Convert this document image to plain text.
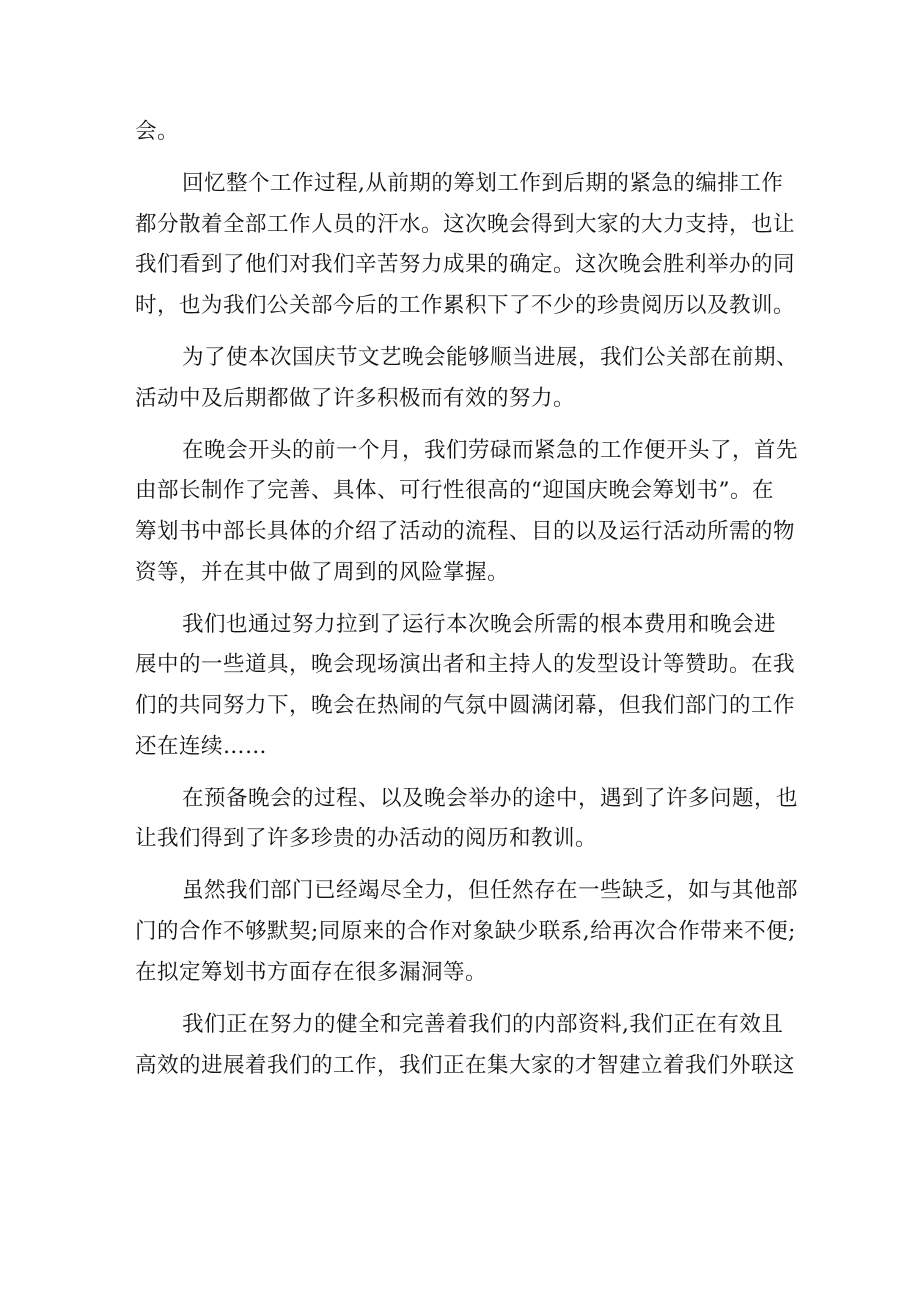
会。

回忆整个工作过程,从前期的筹划工作到后期的紧急的编排工作
都分散着全部工作人员的汗水。这次晚会得到大家的大力支持，也让
我们看到了他们对我们辛苦努力成果的确定。这次晚会胜利举办的同
时，也为我们公关部今后的工作累积下了不少的珍贵阅历以及教训。
为了使本次国庆节文艺晚会能够顺当进展，我们公关部在前期、
活动中及后期都做了许多积极而有效的努力。
在晚会开头的前一个月，我们劳碌而紧急的工作便开头了，首先
由部长制作了完善、具体、可行性很高的“迎国庆晚会筹划书”。在
筹划书中部长具体的介绍了活动的流程、目的以及运行活动所需的物
资等，并在其中做了周到的风险掌握。
我们也通过努力拉到了运行本次晚会所需的根本费用和晚会进
展中的一些道具，晚会现场演出者和主持人的发型设计等赞助。在我
们的共同努力下，晚会在热闹的气氛中圆满闭幕，但我们部门的工作
还在连续……
在预备晚会的过程、以及晚会举办的途中，遇到了许多问题，也
让我们得到了许多珍贵的办活动的阅历和教训。
虽然我们部门已经竭尽全力，但任然存在一些缺乏，如与其他部
门的合作不够默契;同原来的合作对象缺少联系,给再次合作带来不便;
在拟定筹划书方面存在很多漏洞等。
我们正在努力的健全和完善着我们的内部资料,我们正在有效且
高效的进展着我们的工作，我们正在集大家的才智建立着我们外联这
